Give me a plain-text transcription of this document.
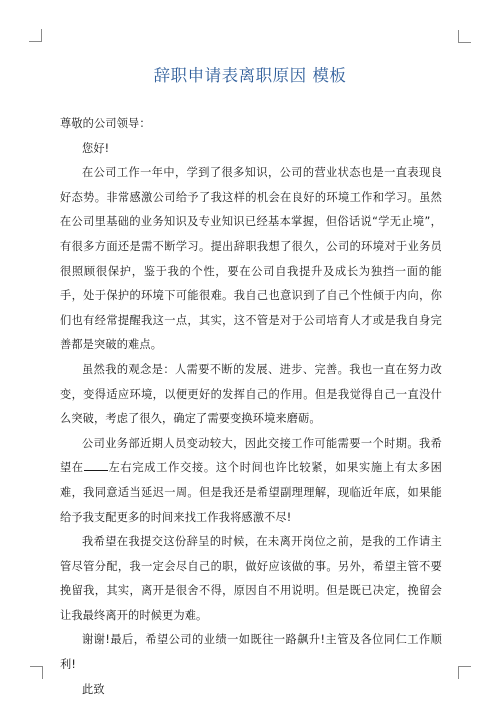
辞职申请表离职原因 模板

尊敬的公司领导：

您好!

在公司工作一年中，学到了很多知识，公司的营业状态也是一直表现良好态势。非常感激公司给予了我这样的机会在良好的环境工作和学习。虽然在公司里基础的业务知识及专业知识已经基本掌握，但俗话说“学无止境”，有很多方面还是需不断学习。提出辞职我想了很久，公司的环境对于业务员很照顾很保护，鉴于我的个性，要在公司自我提升及成长为独挡一面的能手，处于保护的环境下可能很难。我自己也意识到了自己个性倾于内向，你们也有经常提醒我这一点，其实，这不管是对于公司培育人才或是我自身完善都是突破的难点。

虽然我的观念是：人需要不断的发展、进步、完善。我也一直在努力改变，变得适应环境，以便更好的发挥自己的作用。但是我觉得自己一直没什么突破，考虑了很久，确定了需要变换环境来磨砺。

公司业务部近期人员变动较大，因此交接工作可能需要一个时期。我希望在 左右完成工作交接。这个时间也许比较紧，如果实施上有太多困难，我同意适当延迟一周。但是我还是希望副理理解，现临近年底，如果能给予我支配更多的时间来找工作我将感激不尽!

我希望在我提交这份辞呈的时候，在未离开岗位之前，是我的工作请主管尽管分配，我一定会尽自己的职，做好应该做的事。另外，希望主管不要挽留我，其实，离开是很舍不得，原因自不用说明。但是既已决定，挽留会让我最终离开的时候更为难。

谢谢!最后，希望公司的业绩一如既往一路飙升!主管及各位同仁工作顺利!

此致
